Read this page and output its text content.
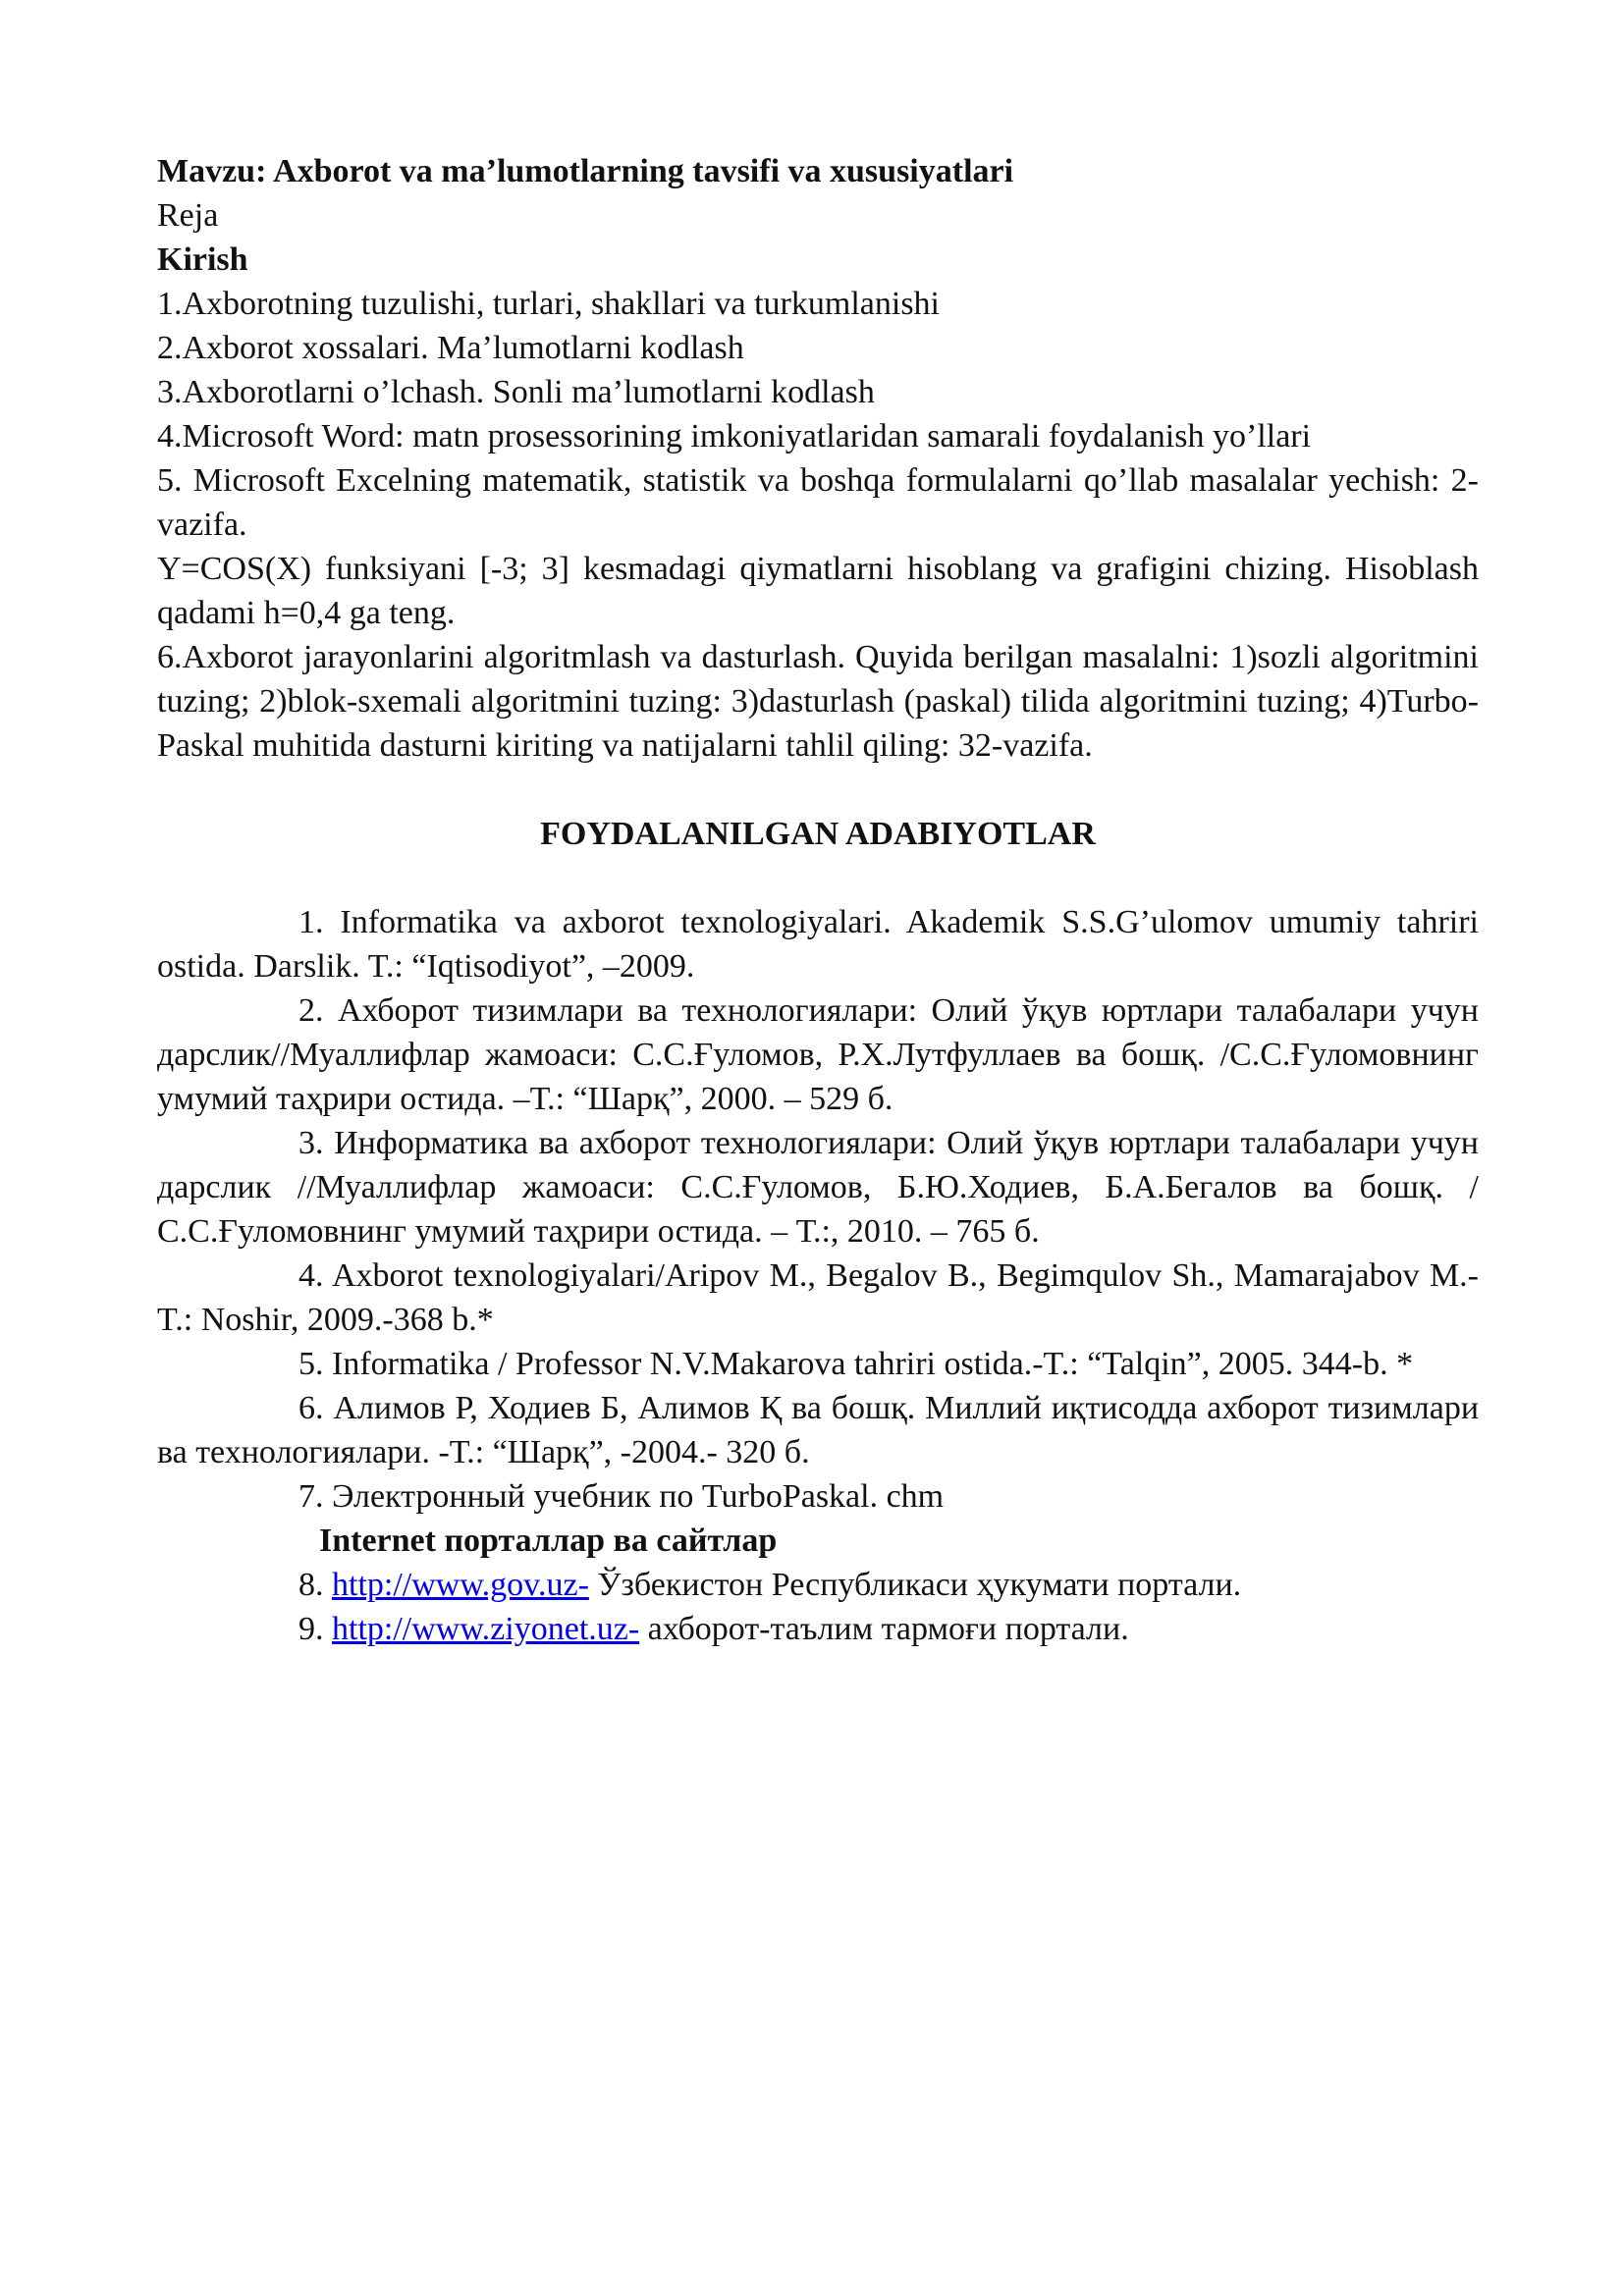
Mavzu: Axborot va ma’lumotlarning tavsifi va xususiyatlari

Reja

Kirish

1.Axborotning tuzulishi, turlari, shakllari va turkumlanishi

2.Axborot xossalari. Ma’lumotlarni kodlash

3.Axborotlarni o’lchash. Sonli ma’lumotlarni kodlash

4.Microsoft Word: matn prosessorining imkoniyatlaridan samarali foydalanish yo’llari

5. Microsoft Excelning matematik, statistik va boshqa formulalarni qo’llab masalalar yechish: 2-vazifa.

Y=COS(X) funksiyani [-3; 3] kesmadagi qiymatlarni hisoblang va grafigini chizing. Hisoblash qadami h=0,4 ga teng.

6.Axborot jarayonlarini algoritmlash va dasturlash. Quyida berilgan masalalni: 1)sozli algoritmini tuzing; 2)blok-sxemali algoritmini tuzing: 3)dasturlash (paskal) tilida algoritmini tuzing; 4)Turbo-Paskal muhitida dasturni kiriting va natijalarni tahlil qiling: 32-vazifa.

FOYDALANILGAN ADABIYOTLAR

1. Informatika va axborot texnologiyalari. Akademik S.S.G’ulomov umumiy tahriri ostida. Darslik. T.: “Iqtisodiyot”, –2009.

2. Ахборот тизимлари ва технологиялари: Олий ўқув юртлари талабалари учун дарслик//Муаллифлар жамоаси: С.С.Ғуломов, Р.Х.Лутфуллаев ва бошқ. /С.С.Ғуломовнинг умумий таҳрири остида. –Т.: “Шарқ”, 2000. – 529 б.

3. Информатика ва ахборот технологиялари: Олий ўқув юртлари талабалари учун дарслик //Муаллифлар жамоаси: С.С.Ғуломов, Б.Ю.Ходиев, Б.А.Бегалов ва бошқ. / С.С.Ғуломовнинг умумий таҳрири остида. – Т.:, 2010. – 765 б.

4. Axborot texnologiyalari/Aripov M., Begalov B., Begimqulov Sh., Mamarajabov M.-T.: Noshir, 2009.-368 b.*

5. Informatika / Professor N.V.Makarova tahriri ostida.-T.: “Talqin”, 2005. 344-b. *

6. Алимов Р, Ходиев Б, Алимов Қ ва бошқ. Миллий иқтисодда ахборот тизимлари ва технологиялари. -Т.: “Шарқ”, -2004.- 320 б.

7. Электронный учебник по TurboPaskal. chm

Internet порталлар ва сайтлар

8. http://www.gov.uz- Ўзбекистон Республикаси ҳукумати портали.

9. http://www.ziyonet.uz- ахборот-таълим тармоғи портали.
